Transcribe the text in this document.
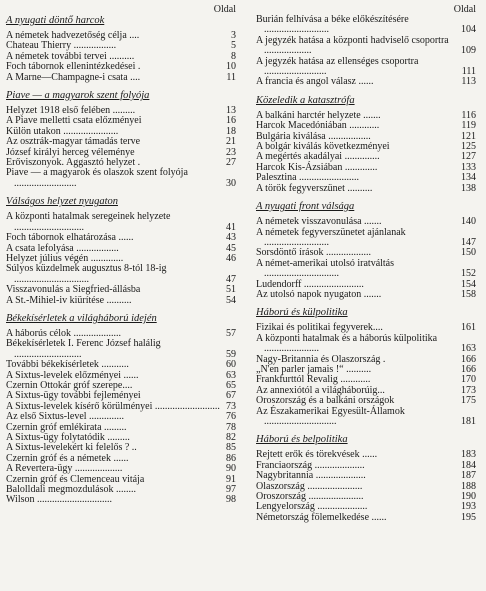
Oldal
A nyugati döntő harcok
A németek hadvezetőség célja ....	3
Chateau Thierry .................	5
A németek további tervei ..........	8
Foch tábornok ellenintézkedései .	10
A Marne—Champagne-i csata ....	11
Piave — a magyarok szent folyója
Helyzet 1918 első felében .........	13
A Piave melletti csata előzményei	16
Külön utakon ......................	18
Az osztrák-magyar támadás terve	21
József királyi herceg véleménye	23
Erőviszonyok. Aggasztó helyzet .	27
Piave — a magyarok és olaszok szent folyója .........................	30
Válságos helyzet nyugaton
A központi hatalmak seregeinek helyzete ............................	41
Foch tábornok elhatározása ......	43
A csata lefolyása .................	45
Helyzet július végén .............	46
Súlyos küzdelmek augusztus 8-tól 18-ig ..............................	47
Visszavonulás a Siegfried-állásba	51
A St.-Mihiel-iv kiürítése ..........	54
Békekísérletek a világháború idején
A háborús célok ...................	57
Békekísérletek I. Ferenc József halálig ...........................	59
További békekísérletek ...........	60
A Sixtus-levelek előzményei ......	63
Czernin Ottokár gróf szerepe....	65
A Sixtus-ügy további fejleményei	67
A Sixtus-levelek kísérő körülményei .......................... 73
Az első Sixtus-level ..............	76
Czernin gróf emlékirata .........	78
A Sixtus-ügy folytatódik .........	82
A Sixtus-levelekért ki felelős ? ..	85
Czernin gróf és a németek ......	86
A Revertera-ügy ...................	90
Czernin gróf és Clemenceau vitája	91
Balolldali megmozdulások ........	97
Wilson ..............................	98
Oldal
Burián felhívása a béke előkészítésére ..........................	104
A jegyzék hatása a központi hadviselő csoportra ...................	109
A jegyzék hatása az ellenséges csoportra .........................	111
A francia és angol válasz ......	113
Közeledik a katasztrófa
A balkáni harctér helyzete .......	116
Harcok Macedóniában ............	119
Bulgária kiválása .................	121
A bolgár kiválás következményei	125
A megértés akadályai ..............	127
Harcok Kis-Ázsiában .............	133
Palesztina ........................	134
A török fegyverszünet ..........	138
A nyugati front válsága
A németek visszavonulása .......	140
A németek fegyverszünetet ajánlanak ..........................	147
Sorsdöntő írások ..................	150
A német-amerikai utolsó iratváltás ..............................	152
Ludendorff ........................	154
Az utolsó napok nyugaton .......	158
Háború és külpolitika
Fizikai és politikai fegyverek....	161
A központi hatalmak és a háborús külpolitika ......................	163
Nagy-Britannia és Olaszország .	166
„N'en parler jamais !“ ..........	166
Frankfurttól Revalig ............	170
Az annexiótól a világháborúig...	173
Oroszország és a balkáni országok	175
Az Északamerikai Egyesült-Államok .............................	181
Háború és belpolitika
Rejtett erők és törekvések ......	183
Franciaország ....................	184
Nagybritannia ....................	187
Olaszország ......................	188
Oroszország ......................	190
Lengyelország ....................	193
Németország fölemelkedése ......	195
